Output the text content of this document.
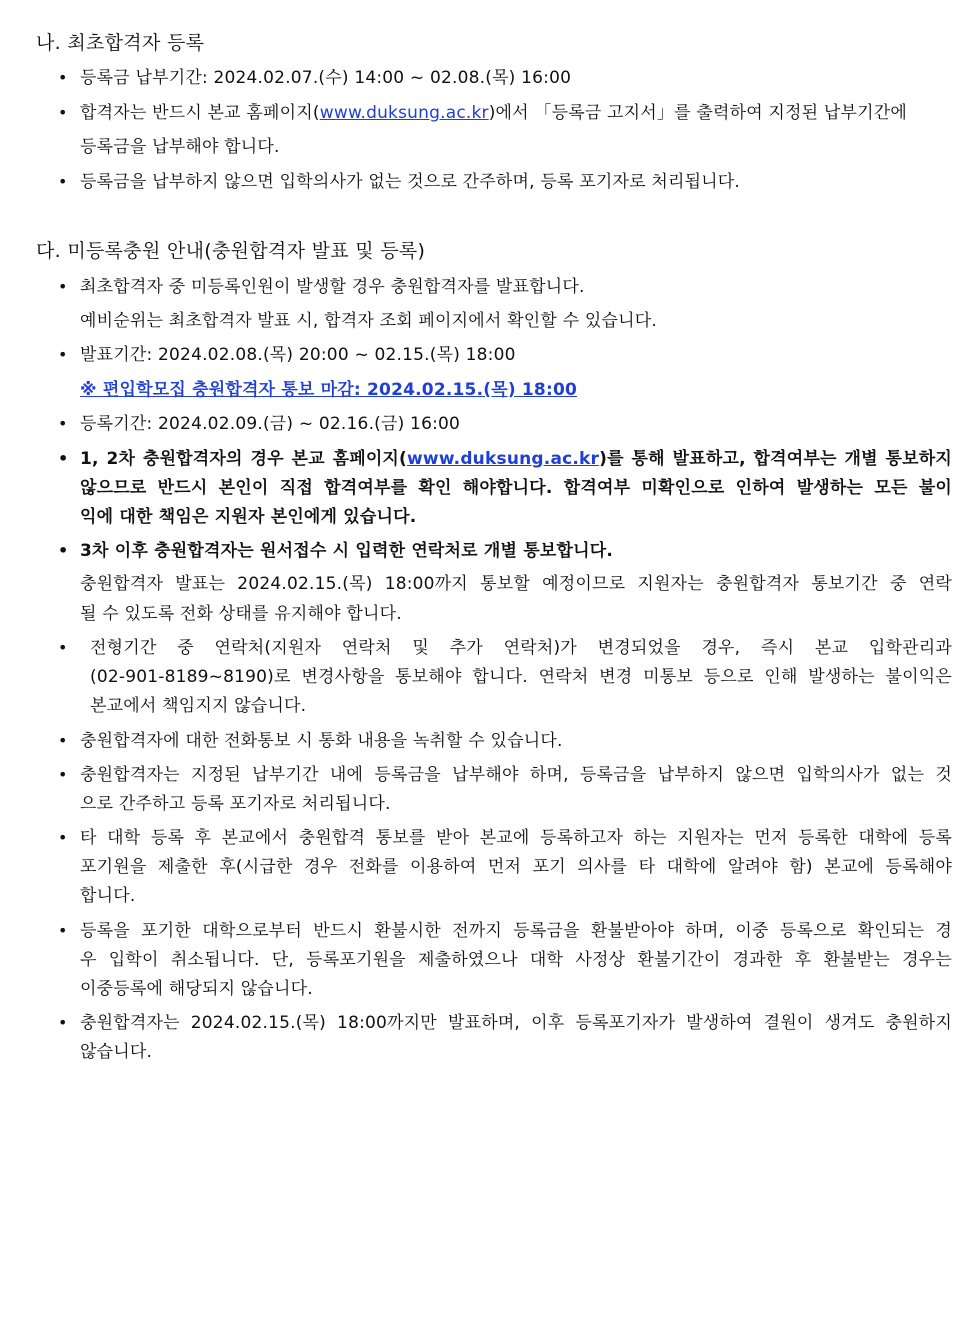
나. 최초합격자 등록
• 등록금 납부기간: 2024.02.07.(수) 14:00 ~ 02.08.(목) 16:00
• 합격자는 반드시 본교 홈페이지(www.duksung.ac.kr)에서 「등록금 고지서」를 출력하여 지정된 납부기간에
등록금을 납부해야 합니다.
• 등록금을 납부하지 않으면 입학의사가 없는 것으로 간주하며, 등록 포기자로 처리됩니다.
다. 미등록충원 안내(충원합격자 발표 및 등록)
• 최초합격자 중 미등록인원이 발생할 경우 충원합격자를 발표합니다.
예비순위는 최초합격자 발표 시, 합격자 조회 페이지에서 확인할 수 있습니다.
• 발표기간: 2024.02.08.(목) 20:00 ~ 02.15.(목) 18:00
※ 편입학모집 충원합격자 통보 마감: 2024.02.15.(목) 18:00
• 등록기간: 2024.02.09.(금) ~ 02.16.(금) 16:00
• 1, 2차 충원합격자의 경우 본교 홈페이지(www.duksung.ac.kr)를 통해 발표하고, 합격여부는 개별 통보하지
않으므로 반드시 본인이 직접 합격여부를 확인 해야합니다. 합격여부 미확인으로 인하여 발생하는 모든 불이
익에 대한 책임은 지원자 본인에게 있습니다.
• 3차 이후 충원합격자는 원서접수 시 입력한 연락처로 개별 통보합니다.
충원합격자 발표는 2024.02.15.(목) 18:00까지 통보할 예정이므로 지원자는 충원합격자 통보기간 중 연락
될 수 있도록 전화 상태를 유지해야 합니다.
•	전형기간 중 연락처(지원자 연락처 및 추가 연락처)가 변경되었을 경우, 즉시 본교 입학관리과
(02-901-8189~8190)로 변경사항을 통보해야 합니다. 연락처 변경 미통보 등으로 인해 발생하는 불이익은
본교에서 책임지지 않습니다.
• 충원합격자에 대한 전화통보 시 통화 내용을 녹취할 수 있습니다.
• 충원합격자는 지정된 납부기간 내에 등록금을 납부해야 하며, 등록금을 납부하지 않으면 입학의사가 없는 것
으로 간주하고 등록 포기자로 처리됩니다.
• 타 대학 등록 후 본교에서 충원합격 통보를 받아 본교에 등록하고자 하는 지원자는 먼저 등록한 대학에 등록
포기원을 제출한 후(시급한 경우 전화를 이용하여 먼저 포기 의사를 타 대학에 알려야 함) 본교에 등록해야
합니다.
• 등록을 포기한 대학으로부터 반드시 환불시한 전까지 등록금을 환불받아야 하며, 이중 등록으로 확인되는 경
우 입학이 취소됩니다. 단, 등록포기원을 제출하였으나 대학 사정상 환불기간이 경과한 후 환불받는 경우는
이중등록에 해당되지 않습니다.
• 충원합격자는 2024.02.15.(목) 18:00까지만 발표하며, 이후 등록포기자가 발생하여 결원이 생겨도 충원하지
않습니다.
